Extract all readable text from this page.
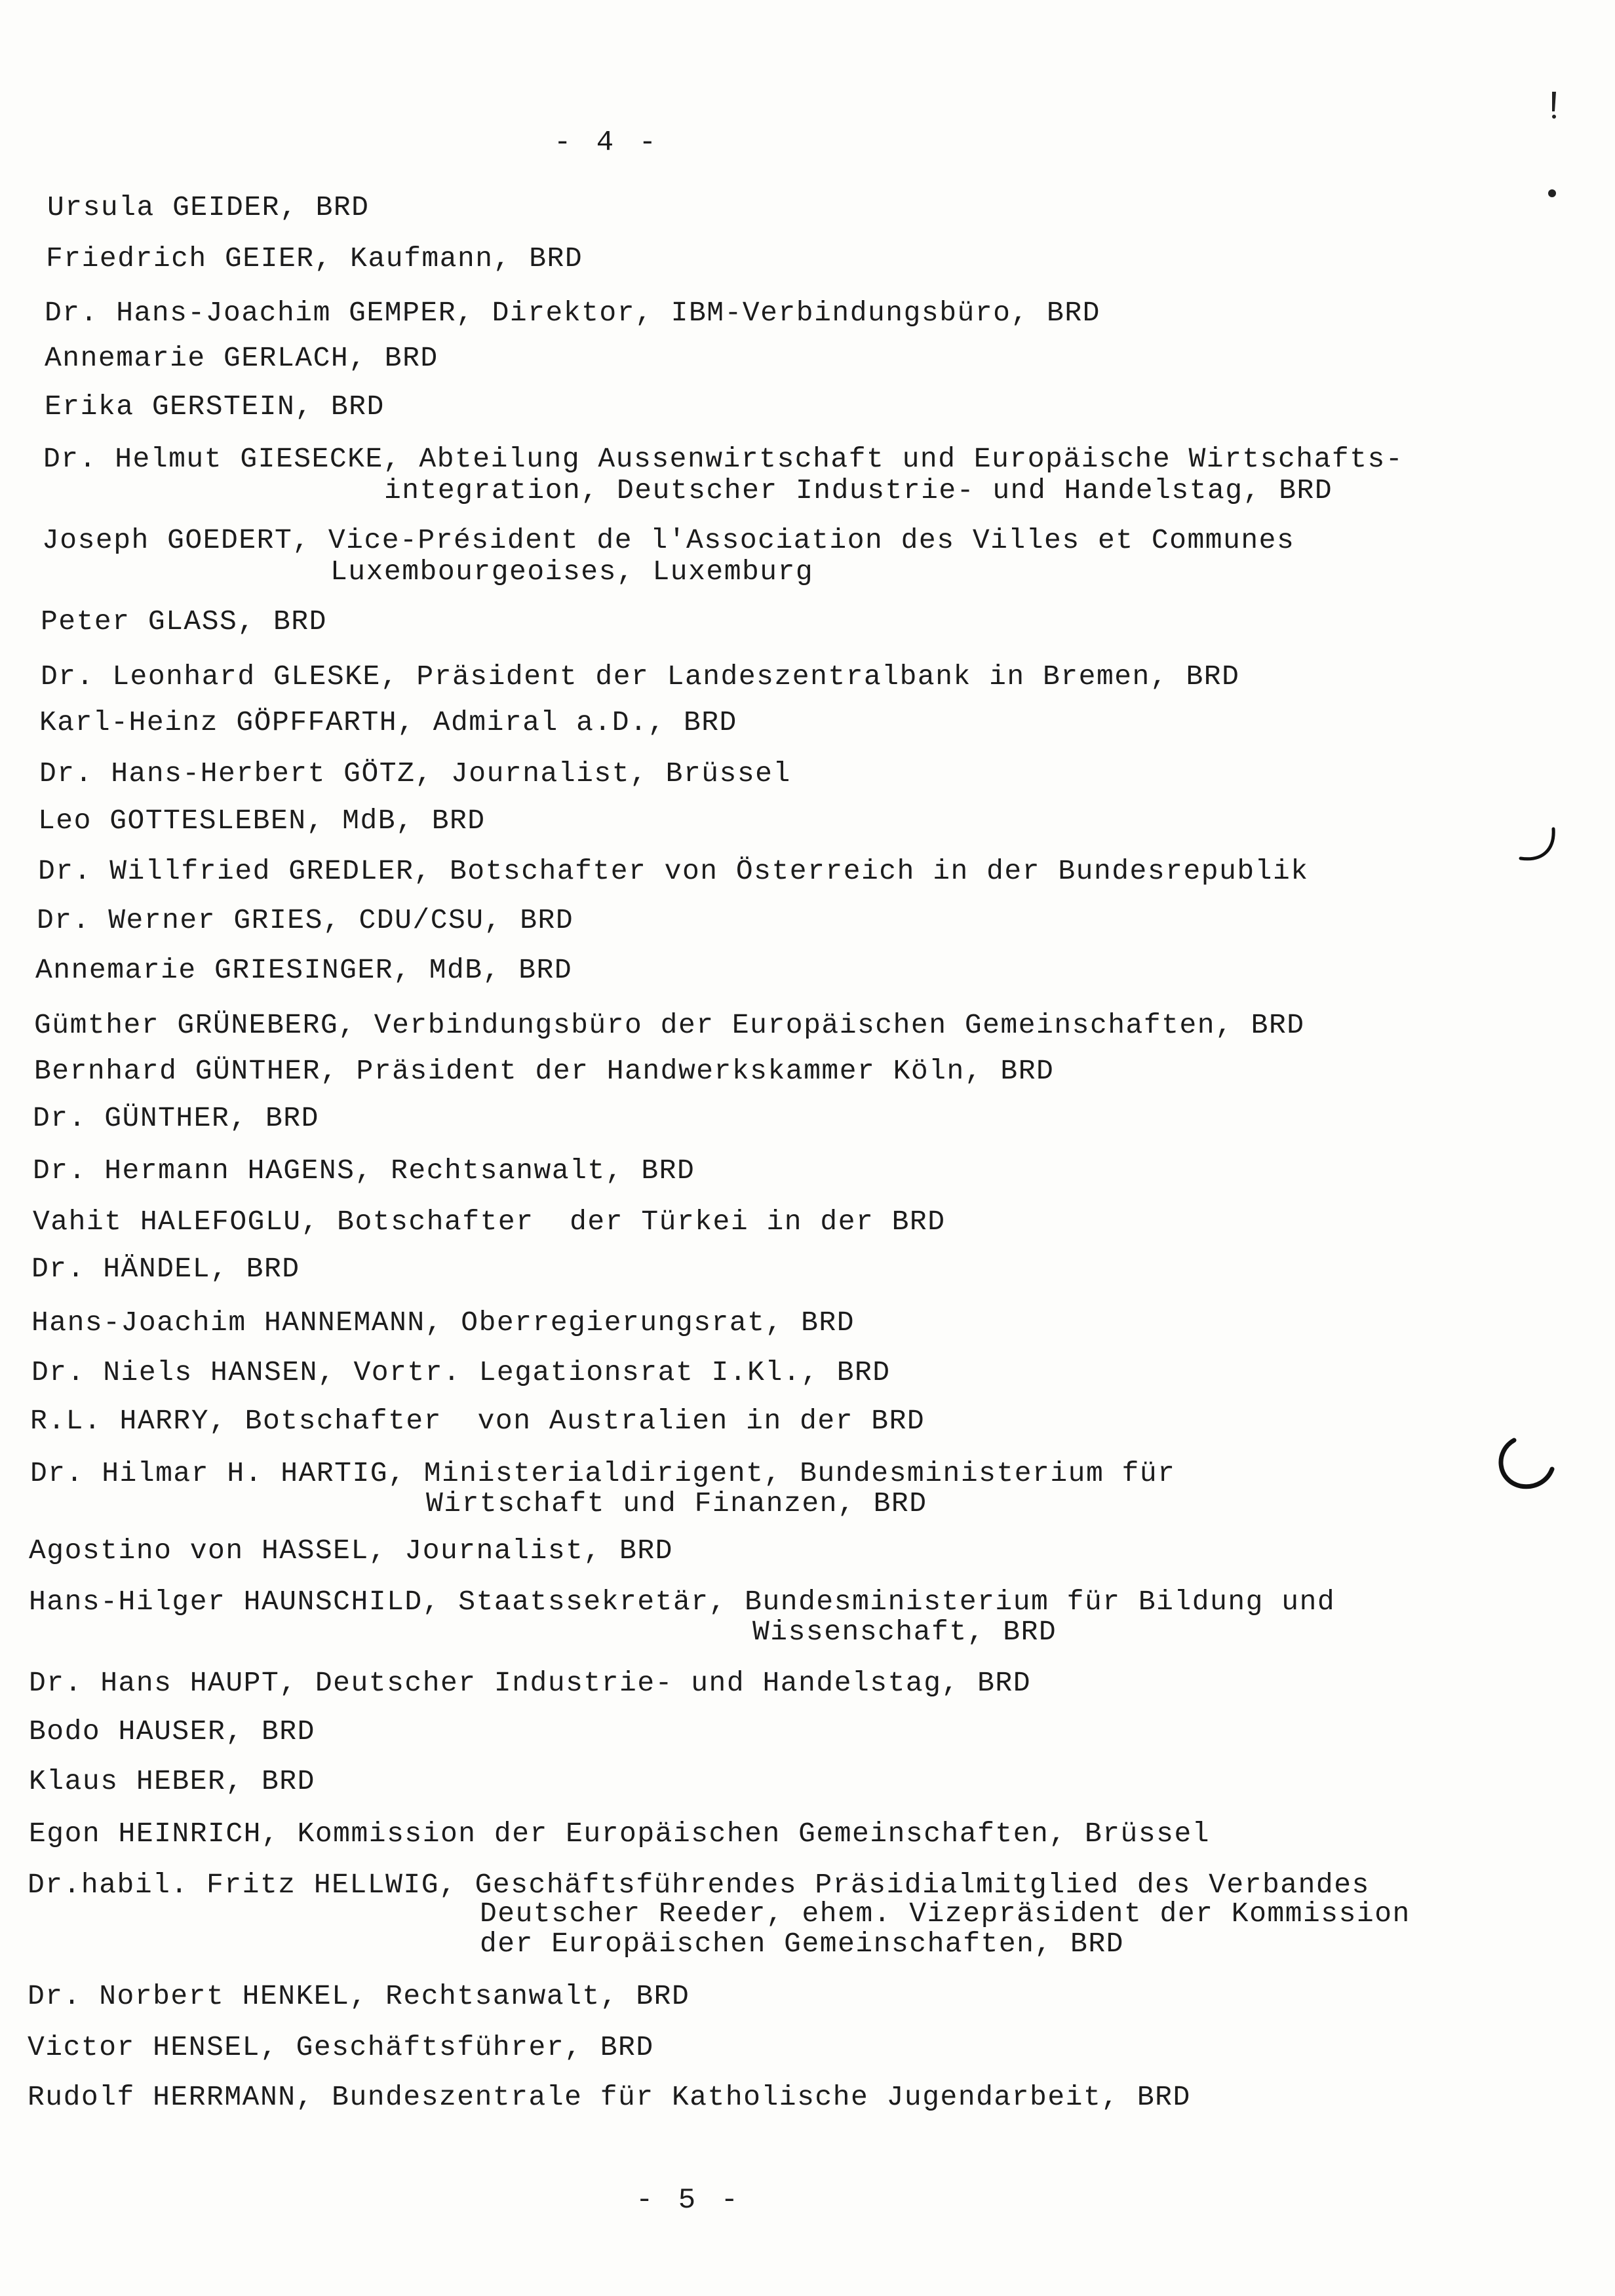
- 4 -
Ursula GEIDER, BRD
Friedrich GEIER, Kaufmann, BRD
Dr. Hans-Joachim GEMPER, Direktor, IBM-Verbindungsbüro, BRD
Annemarie GERLACH, BRD
Erika GERSTEIN, BRD
Dr. Helmut GIESECKE, Abteilung Aussenwirtschaft und Europäische Wirtschafts-
integration, Deutscher Industrie- und Handelstag, BRD
Joseph GOEDERT, Vice-Président de l'Association des Villes et Communes
Luxembourgeoises, Luxemburg
Peter GLASS, BRD
Dr. Leonhard GLESKE, Präsident der Landeszentralbank in Bremen, BRD
Karl-Heinz GÖPFFARTH, Admiral a.D., BRD
Dr. Hans-Herbert GÖTZ, Journalist, Brüssel
Leo GOTTESLEBEN, MdB, BRD
Dr. Willfried GREDLER, Botschafter von Österreich in der Bundesrepublik
Dr. Werner GRIES, CDU/CSU, BRD
Annemarie GRIESINGER, MdB, BRD
Gümther GRÜNEBERG, Verbindungsbüro der Europäischen Gemeinschaften, BRD
Bernhard GÜNTHER, Präsident der Handwerkskammer Köln, BRD
Dr. GÜNTHER, BRD
Dr. Hermann HAGENS, Rechtsanwalt, BRD
Vahit HALEFOGLU, Botschafter  der Türkei in der BRD
Dr. HÄNDEL, BRD
Hans-Joachim HANNEMANN, Oberregierungsrat, BRD
Dr. Niels HANSEN, Vortr. Legationsrat I.Kl., BRD
R.L. HARRY, Botschafter  von Australien in der BRD
Dr. Hilmar H. HARTIG, Ministerialdirigent, Bundesministerium für
Wirtschaft und Finanzen, BRD
Agostino von HASSEL, Journalist, BRD
Hans-Hilger HAUNSCHILD, Staatssekretär, Bundesministerium für Bildung und
Wissenschaft, BRD
Dr. Hans HAUPT, Deutscher Industrie- und Handelstag, BRD
Bodo HAUSER, BRD
Klaus HEBER, BRD
Egon HEINRICH, Kommission der Europäischen Gemeinschaften, Brüssel
Dr.habil. Fritz HELLWIG, Geschäftsführendes Präsidialmitglied des Verbandes
Deutscher Reeder, ehem. Vizepräsident der Kommission
der Europäischen Gemeinschaften, BRD
Dr. Norbert HENKEL, Rechtsanwalt, BRD
Victor HENSEL, Geschäftsführer, BRD
Rudolf HERRMANN, Bundeszentrale für Katholische Jugendarbeit, BRD
- 5 -
